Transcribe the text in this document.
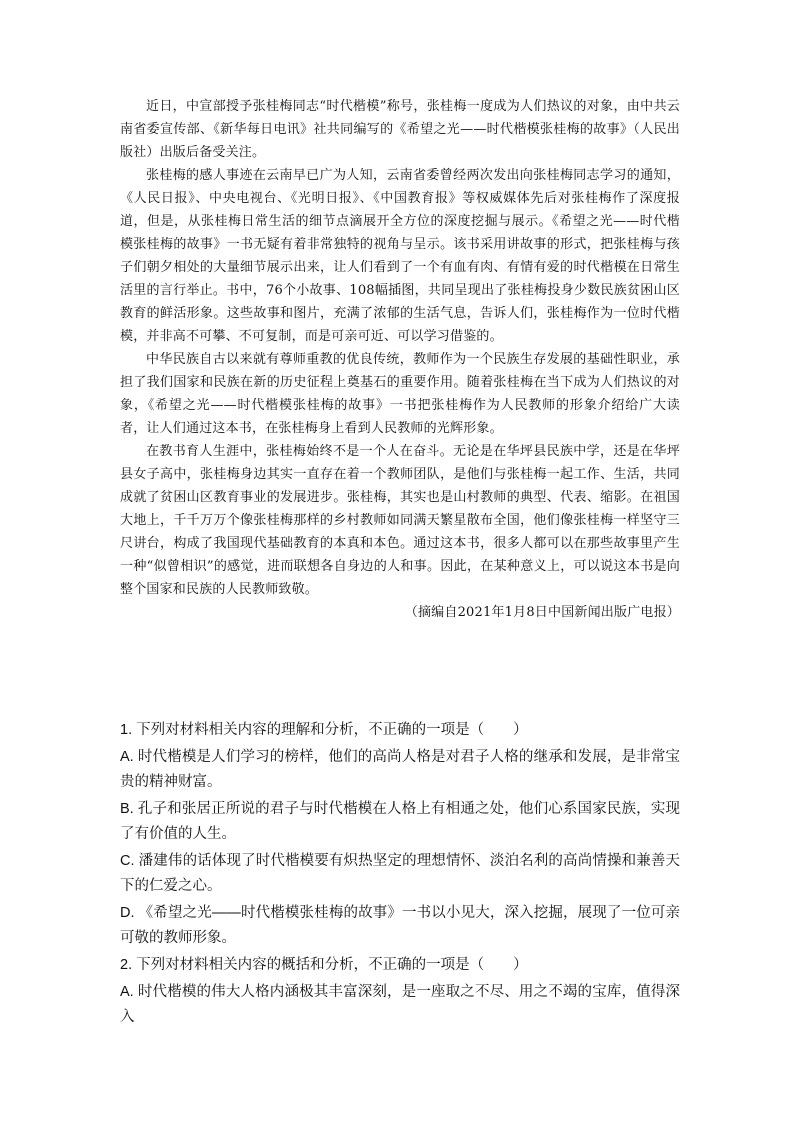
近日，中宣部授予张桂梅同志“时代楷模”称号，张桂梅一度成为人们热议的对象，由中共云南省委宣传部、《新华每日电讯》社共同编写的《希望之光——时代楷模张桂梅的故事》（人民出版社）出版后备受关注。

张桂梅的感人事迹在云南早已广为人知，云南省委曾经两次发出向张桂梅同志学习的通知，《人民日报》、中央电视台、《光明日报》、《中国教育报》等权威媒体先后对张桂梅作了深度报道，但是，从张桂梅日常生活的细节点滴展开全方位的深度挖掘与展示。《希望之光——时代楷模张桂梅的故事》一书无疑有着非常独特的视角与呈示。该书采用讲故事的形式，把张桂梅与孩子们朝夕相处的大量细节展示出来，让人们看到了一个有血有肉、有情有爱的时代楷模在日常生活里的言行举止。书中，76个小故事、108幅插图，共同呈现出了张桂梅投身少数民族贫困山区教育的鲜活形象。这些故事和图片，充满了浓郁的生活气息，告诉人们，张桂梅作为一位时代楷模，并非高不可攀、不可复制，而是可亲可近、可以学习借鉴的。

中华民族自古以来就有尊师重教的优良传统，教师作为一个民族生存发展的基础性职业，承担了我们国家和民族在新的历史征程上奠基石的重要作用。随着张桂梅在当下成为人们热议的对象，《希望之光——时代楷模张桂梅的故事》一书把张桂梅作为人民教师的形象介绍给广大读者，让人们通过这本书，在张桂梅身上看到人民教师的光辉形象。

在教书育人生涯中，张桂梅始终不是一个人在奋斗。无论是在华坪县民族中学，还是在华坪县女子高中，张桂梅身边其实一直存在着一个教师团队，是他们与张桂梅一起工作、生活，共同成就了贫困山区教育事业的发展进步。张桂梅，其实也是山村教师的典型、代表、缩影。在祖国大地上，千千万万个像张桂梅那样的乡村教师如同满天繁星散布全国，他们像张桂梅一样坚守三尺讲台，构成了我国现代基础教育的本真和本色。通过这本书，很多人都可以在那些故事里产生一种“似曾相识”的感觉，进而联想各自身边的人和事。因此，在某种意义上，可以说这本书是向整个国家和民族的人民教师致敬。

（摘编自2021年1月8日中国新闻出版广电报）

1. 下列对材料相关内容的理解和分析，不正确的一项是（　　）
A. 时代楷模是人们学习的榜样，他们的高尚人格是对君子人格的继承和发展，是非常宝贵的精神财富。
B. 孔子和张居正所说的君子与时代楷模在人格上有相通之处，他们心系国家民族，实现了有价值的人生。
C. 潘建伟的话体现了时代楷模要有炽热坚定的理想情怀、淡泊名利的高尚情操和兼善天下的仁爱之心。
D. 《希望之光——时代楷模张桂梅的故事》一书以小见大，深入挖掘，展现了一位可亲可敬的教师形象。
2. 下列对材料相关内容的概括和分析，不正确的一项是（　　）
A. 时代楷模的伟大人格内涵极其丰富深刻，是一座取之不尽、用之不竭的宝库，值得深入
